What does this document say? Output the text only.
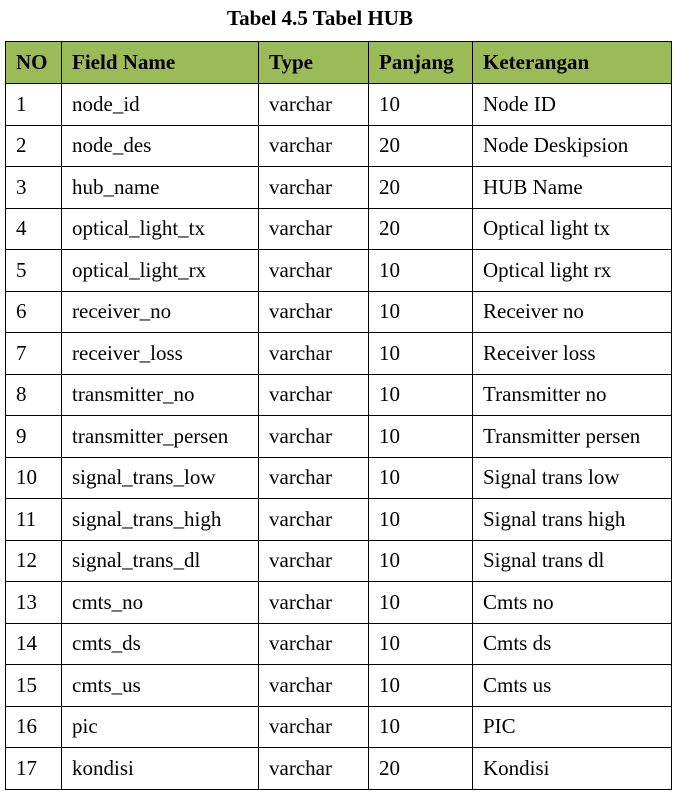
Tabel 4.5 Tabel HUB
NO	Field Name	Type	Panjang	Keterangan
1	node_id	varchar	10	Node ID
2	node_des	varchar	20	Node Deskipsion
3	hub_name	varchar	20	HUB Name
4	optical_light_tx	varchar	20	Optical light tx
5	optical_light_rx	varchar	10	Optical light rx
6	receiver_no	varchar	10	Receiver no
7	receiver_loss	varchar	10	Receiver loss
8	transmitter_no	varchar	10	Transmitter no
9	transmitter_persen	varchar	10	Transmitter persen
10	signal_trans_low	varchar	10	Signal trans low
11	signal_trans_high	varchar	10	Signal trans high
12	signal_trans_dl	varchar	10	Signal trans dl
13	cmts_no	varchar	10	Cmts no
14	cmts_ds	varchar	10	Cmts ds
15	cmts_us	varchar	10	Cmts us
16	pic	varchar	10	PIC
17	kondisi	varchar	20	Kondisi
